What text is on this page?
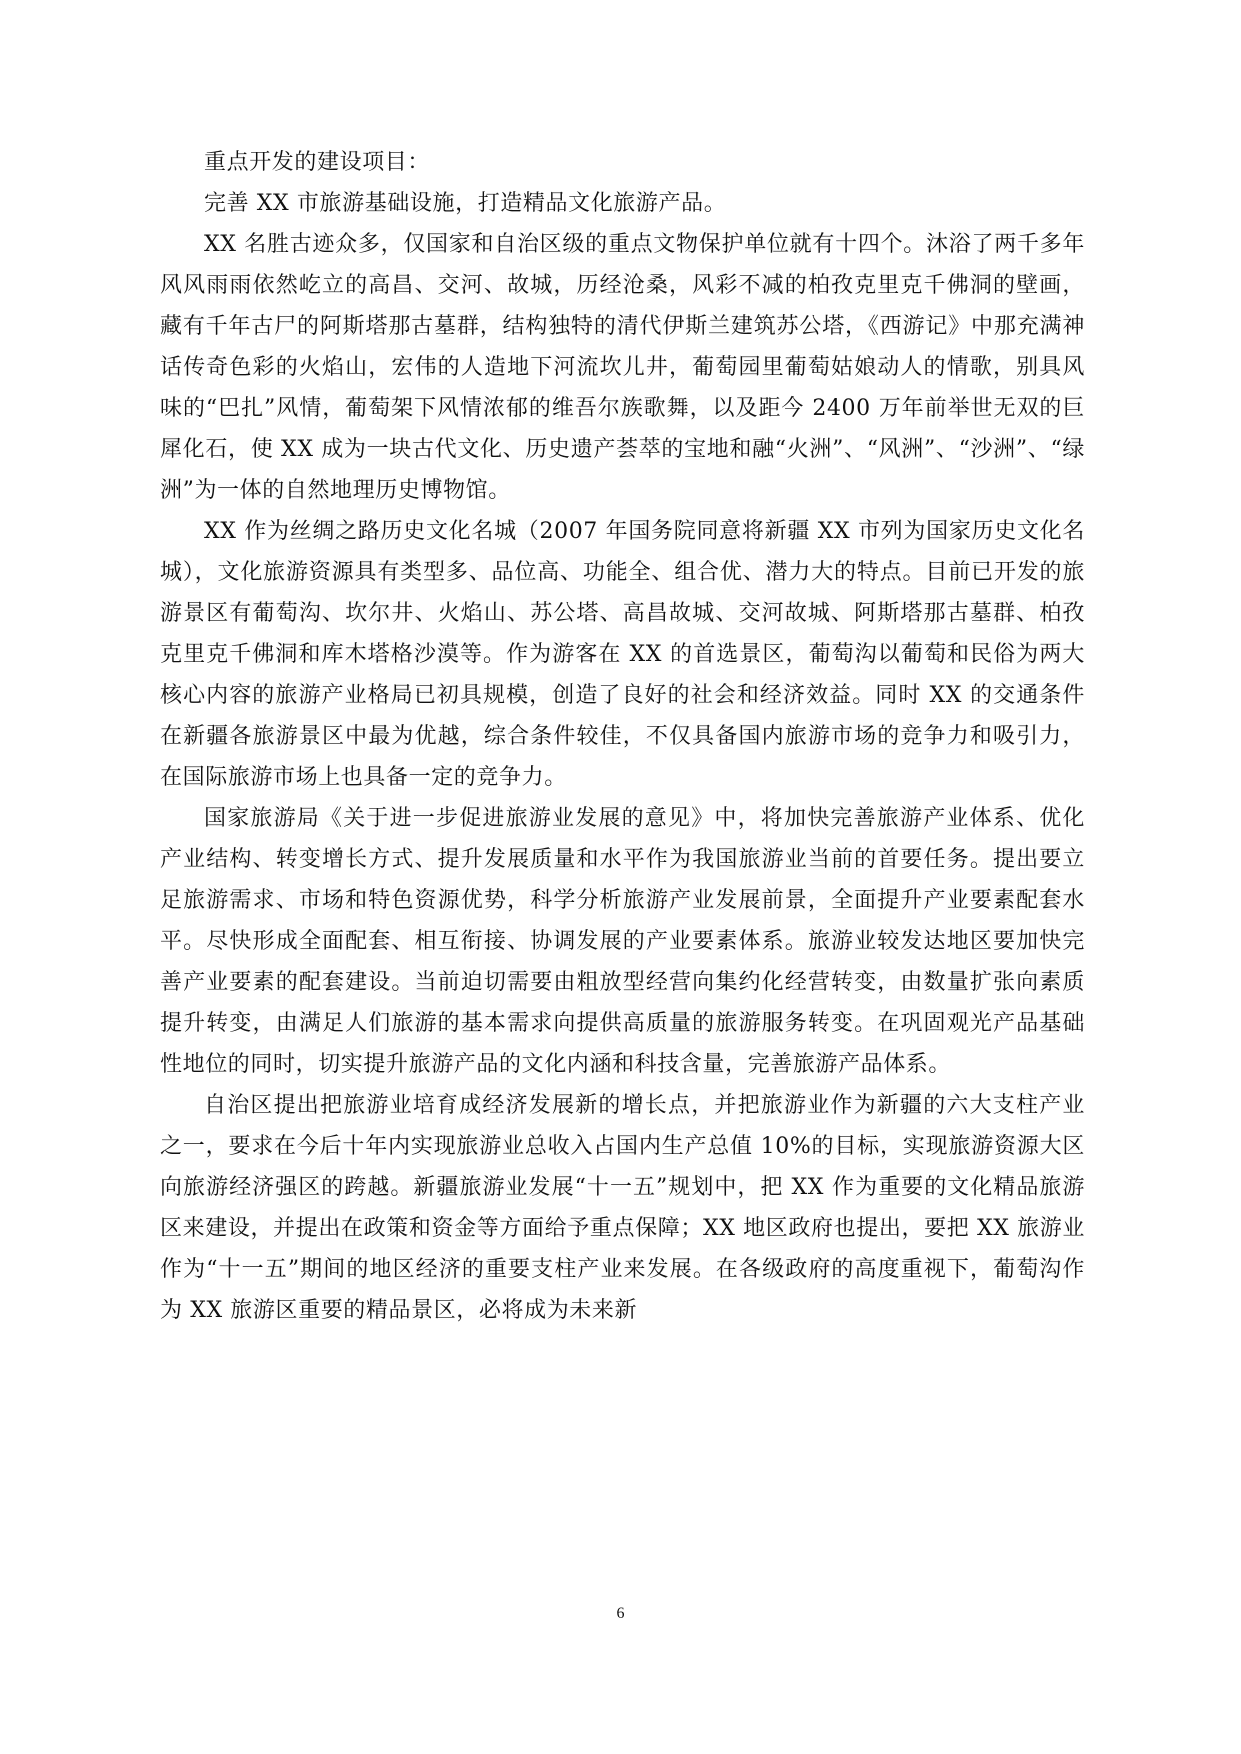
重点开发的建设项目：

完善 XX 市旅游基础设施，打造精品文化旅游产品。

XX 名胜古迹众多，仅国家和自治区级的重点文物保护单位就有十四个。沐浴了两千多年风风雨雨依然屹立的高昌、交河、故城，历经沧桑，风彩不减的柏孜克里克千佛洞的壁画，藏有千年古尸的阿斯塔那古墓群，结构独特的清代伊斯兰建筑苏公塔，《西游记》中那充满神话传奇色彩的火焰山，宏伟的人造地下河流坎儿井，葡萄园里葡萄姑娘动人的情歌，别具风味的“巴扎”风情，葡萄架下风情浓郁的维吾尔族歌舞，以及距今 2400 万年前举世无双的巨犀化石，使 XX 成为一块古代文化、历史遗产荟萃的宝地和融“火洲”、“风洲”、“沙洲”、“绿洲”为一体的自然地理历史博物馆。

XX 作为丝绸之路历史文化名城（2007 年国务院同意将新疆 XX 市列为国家历史文化名城），文化旅游资源具有类型多、品位高、功能全、组合优、潜力大的特点。目前已开发的旅游景区有葡萄沟、坎尔井、火焰山、苏公塔、高昌故城、交河故城、阿斯塔那古墓群、柏孜克里克千佛洞和库木塔格沙漠等。作为游客在 XX 的首选景区，葡萄沟以葡萄和民俗为两大核心内容的旅游产业格局已初具规模，创造了良好的社会和经济效益。同时 XX 的交通条件在新疆各旅游景区中最为优越，综合条件较佳，不仅具备国内旅游市场的竞争力和吸引力，在国际旅游市场上也具备一定的竞争力。

国家旅游局《关于进一步促进旅游业发展的意见》中，将加快完善旅游产业体系、优化产业结构、转变增长方式、提升发展质量和水平作为我国旅游业当前的首要任务。提出要立足旅游需求、市场和特色资源优势，科学分析旅游产业发展前景，全面提升产业要素配套水平。尽快形成全面配套、相互衔接、协调发展的产业要素体系。旅游业较发达地区要加快完善产业要素的配套建设。当前迫切需要由粗放型经营向集约化经营转变，由数量扩张向素质提升转变，由满足人们旅游的基本需求向提供高质量的旅游服务转变。在巩固观光产品基础性地位的同时，切实提升旅游产品的文化内涵和科技含量，完善旅游产品体系。

自治区提出把旅游业培育成经济发展新的增长点，并把旅游业作为新疆的六大支柱产业之一，要求在今后十年内实现旅游业总收入占国内生产总值 10%的目标，实现旅游资源大区向旅游经济强区的跨越。新疆旅游业发展“十一五”规划中，把 XX 作为重要的文化精品旅游区来建设，并提出在政策和资金等方面给予重点保障；XX 地区政府也提出，要把 XX 旅游业作为“十一五”期间的地区经济的重要支柱产业来发展。在各级政府的高度重视下，葡萄沟作为 XX 旅游区重要的精品景区，必将成为未来新

6
